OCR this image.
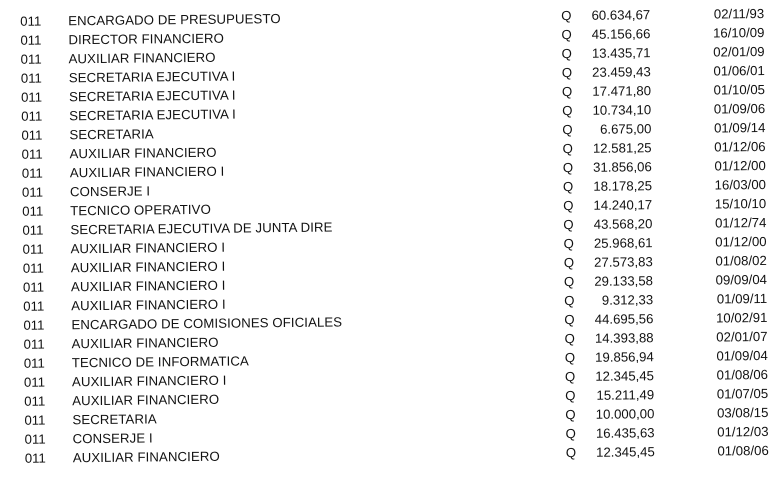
011	ENCARGADO DE PRESUPUESTO	Q	60.634,67	02/11/93
011	DIRECTOR FINANCIERO	Q	45.156,66	16/10/09
011	AUXILIAR FINANCIERO	Q	13.435,71	02/01/09
011	SECRETARIA EJECUTIVA I	Q	23.459,43	01/06/01
011	SECRETARIA EJECUTIVA I	Q	17.471,80	01/10/05
011	SECRETARIA EJECUTIVA I	Q	10.734,10	01/09/06
011	SECRETARIA	Q	6.675,00	01/09/14
011	AUXILIAR FINANCIERO	Q	12.581,25	01/12/06
011	AUXILIAR FINANCIERO I	Q	31.856,06	01/12/00
011	CONSERJE I	Q	18.178,25	16/03/00
011	TECNICO OPERATIVO	Q	14.240,17	15/10/10
011	SECRETARIA EJECUTIVA DE JUNTA DIRE	Q	43.568,20	01/12/74
011	AUXILIAR FINANCIERO I	Q	25.968,61	01/12/00
011	AUXILIAR FINANCIERO I	Q	27.573,83	01/08/02
011	AUXILIAR FINANCIERO I	Q	29.133,58	09/09/04
011	AUXILIAR FINANCIERO I	Q	9.312,33	01/09/11
011	ENCARGADO DE COMISIONES OFICIALES	Q	44.695,56	10/02/91
011	AUXILIAR FINANCIERO	Q	14.393,88	02/01/07
011	TECNICO DE INFORMATICA	Q	19.856,94	01/09/04
011	AUXILIAR FINANCIERO I	Q	12.345,45	01/08/06
011	AUXILIAR FINANCIERO	Q	15.211,49	01/07/05
011	SECRETARIA	Q	10.000,00	03/08/15
011	CONSERJE I	Q	16.435,63	01/12/03
011	AUXILIAR FINANCIERO	Q	12.345,45	01/08/06
